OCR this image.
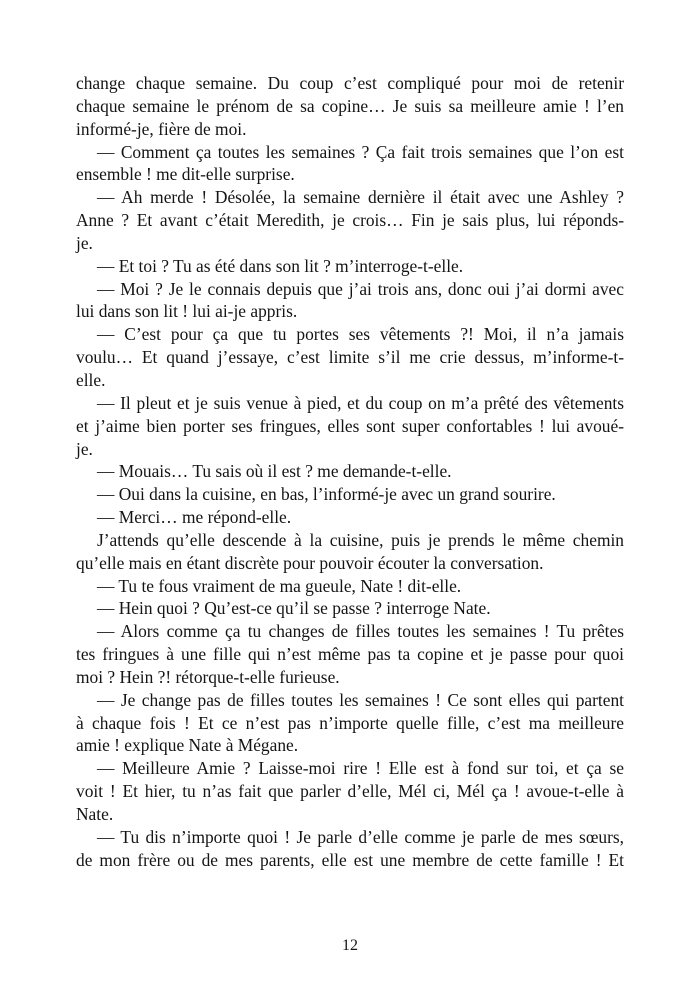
change chaque semaine. Du coup c’est compliqué pour moi de retenir
chaque semaine le prénom de sa copine… Je suis sa meilleure amie ! l’en
informé-je, fière de moi.
— Comment ça toutes les semaines ? Ça fait trois semaines que l’on est
ensemble ! me dit-elle surprise.
— Ah merde ! Désolée, la semaine dernière il était avec une Ashley ?
Anne ? Et avant c’était Meredith, je crois… Fin je sais plus, lui réponds-
je.
— Et toi ? Tu as été dans son lit ? m’interroge-t-elle.
— Moi ? Je le connais depuis que j’ai trois ans, donc oui j’ai dormi avec
lui dans son lit ! lui ai-je appris.
— C’est pour ça que tu portes ses vêtements ?! Moi, il n’a jamais
voulu… Et quand j’essaye, c’est limite s’il me crie dessus, m’informe-t-
elle.
— Il pleut et je suis venue à pied, et du coup on m’a prêté des vêtements
et j’aime bien porter ses fringues, elles sont super confortables ! lui avoué-
je.
— Mouais… Tu sais où il est ? me demande-t-elle.
— Oui dans la cuisine, en bas, l’informé-je avec un grand sourire.
— Merci… me répond-elle.
J’attends qu’elle descende à la cuisine, puis je prends le même chemin
qu’elle mais en étant discrète pour pouvoir écouter la conversation.
— Tu te fous vraiment de ma gueule, Nate ! dit-elle.
— Hein quoi ? Qu’est-ce qu’il se passe ? interroge Nate.
— Alors comme ça tu changes de filles toutes les semaines ! Tu prêtes
tes fringues à une fille qui n’est même pas ta copine et je passe pour quoi
moi ? Hein ?! rétorque-t-elle furieuse.
— Je change pas de filles toutes les semaines ! Ce sont elles qui partent
à chaque fois ! Et ce n’est pas n’importe quelle fille, c’est ma meilleure
amie ! explique Nate à Mégane.
— Meilleure Amie ? Laisse-moi rire ! Elle est à fond sur toi, et ça se
voit ! Et hier, tu n’as fait que parler d’elle, Mél ci, Mél ça ! avoue-t-elle à
Nate.
— Tu dis n’importe quoi ! Je parle d’elle comme je parle de mes sœurs,
de mon frère ou de mes parents, elle est une membre de cette famille ! Et
12
